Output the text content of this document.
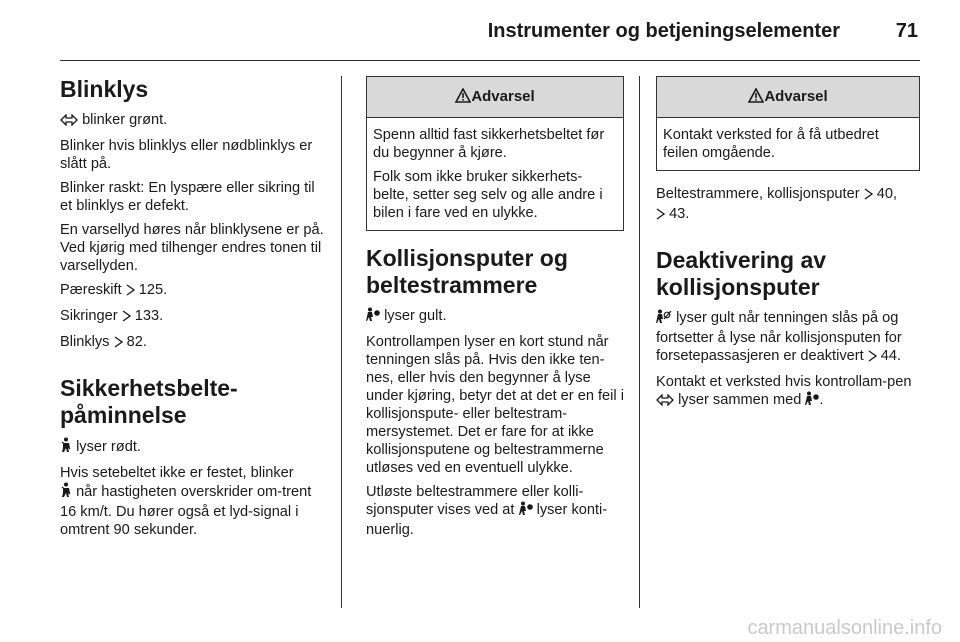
Instrumenter og betjeningselementer	71
Blinklys

blinker grønt.

Blinker hvis blinklys eller nødblinklys er slått på.

Blinker raskt: En lyspære eller sikring til et blinklys er defekt.

En varsellyd høres når blinklysene er på. Ved kjørig med tilhenger endres tonen til varsellyden.

Pæreskift 125.

Sikringer 133.

Blinklys 82.

Sikkerhetsbelte-
påminnelse

lyser rødt.

Hvis setebeltet ikke er festet, blinker
når hastigheten overskrider om-trent 16 km/t. Du hører også et lyd-signal i omtrent 90 sekunder.

Advarsel

Spenn alltid fast sikkerhetsbeltet før du begynner å kjøre.

Folk som ikke bruker sikkerhets-belte, setter seg selv og alle andre i bilen i fare ved en ulykke.

Kollisjonsputer og
beltestrammere

lyser gult.

Kontrollampen lyser en kort stund når tenningen slås på. Hvis den ikke ten-nes, eller hvis den begynner å lyse under kjøring, betyr det at det er en feil i kollisjonspute- eller beltestram-mersystemet. Det er fare for at ikke kollisjonsputene og beltestrammerne utløses ved en eventuell ulykke.

Utløste beltestrammere eller kolli-sjonsputer vises ved at lyser konti-nuerlig.

Advarsel

Kontakt verksted for å få utbedret feilen omgående.

Beltestrammere, kollisjonsputer 40,
43.

Deaktivering av
kollisjonsputer

lyser gult når tenningen slås på og fortsetter å lyse når kollisjonsputen for forsetepassasjeren er deaktivert 44.

Kontakt et verksted hvis kontrollam-pen  lyser sammen med .

carmanualsonline.info
